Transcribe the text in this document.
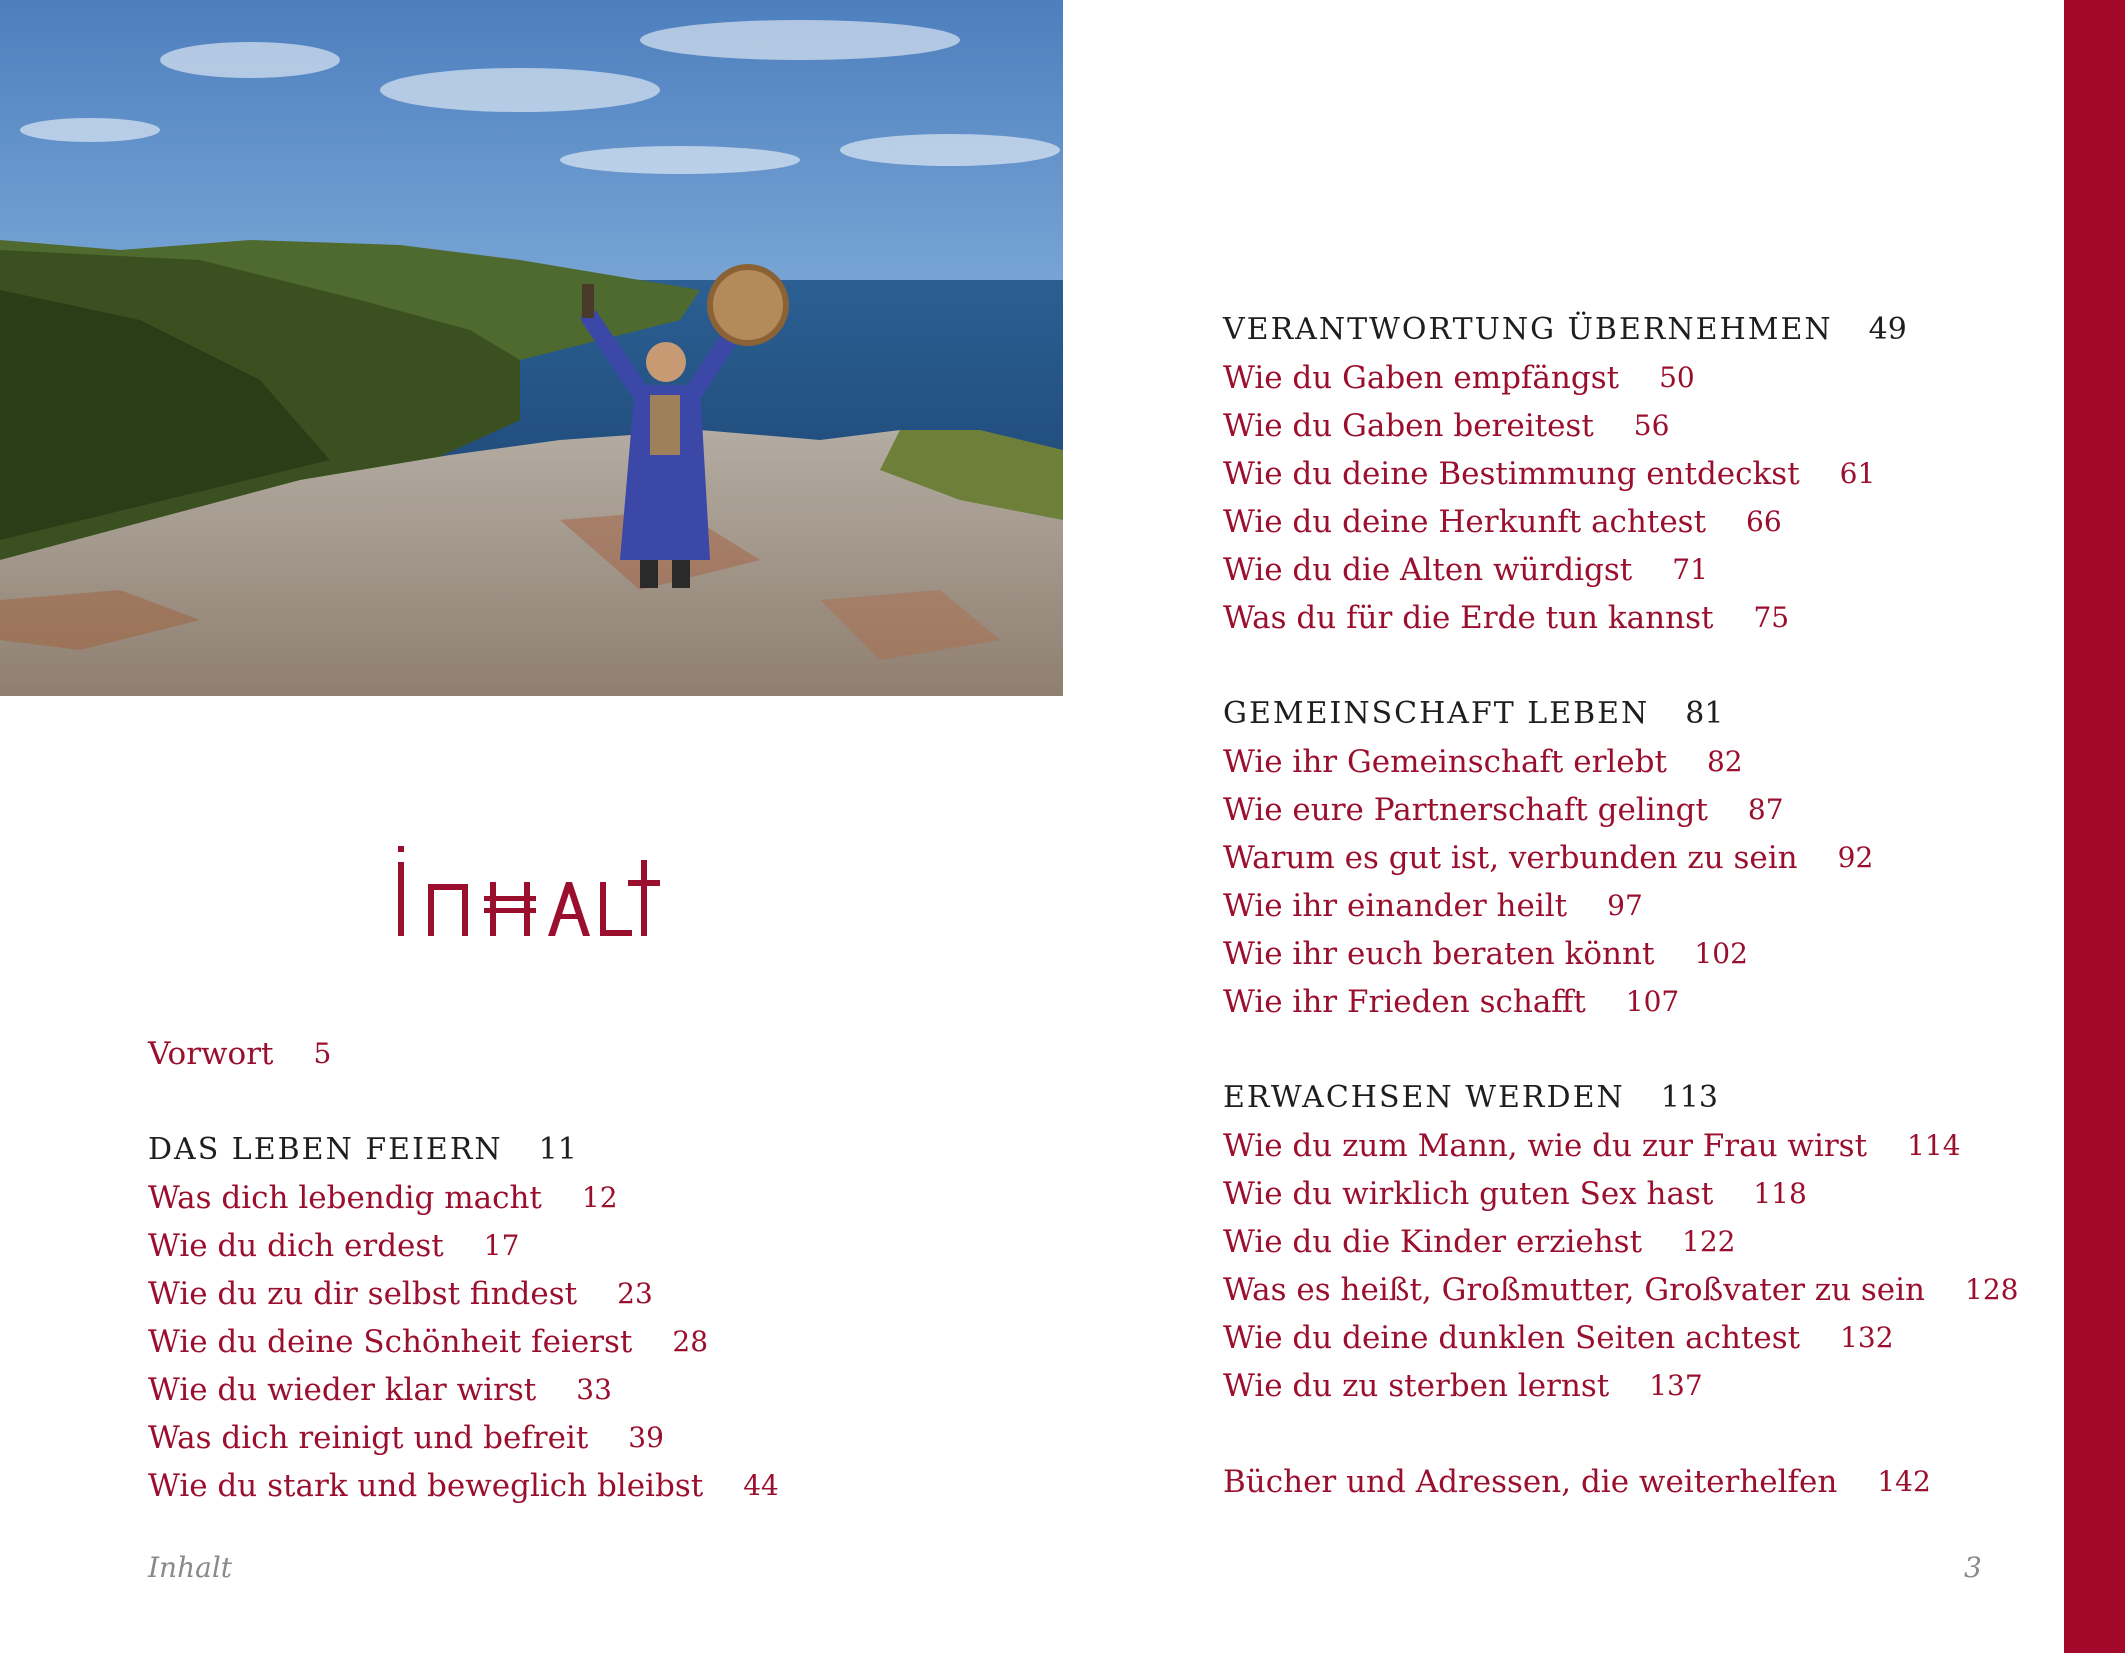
Vorwort 5
DAS LEBEN FEIERN 11
Was dich lebendig macht 12
Wie du dich erdest 17
Wie du zu dir selbst findest 23
Wie du deine Schönheit feierst 28
Wie du wieder klar wirst 33
Was dich reinigt und befreit 39
Wie du stark und beweglich bleibst 44
VERANTWORTUNG ÜBERNEHMEN 49
Wie du Gaben empfängst 50
Wie du Gaben bereitest 56
Wie du deine Bestimmung entdeckst 61
Wie du deine Herkunft achtest 66
Wie du die Alten würdigst 71
Was du für die Erde tun kannst 75
GEMEINSCHAFT LEBEN 81
Wie ihr Gemeinschaft erlebt 82
Wie eure Partnerschaft gelingt 87
Warum es gut ist, verbunden zu sein 92
Wie ihr einander heilt 97
Wie ihr euch beraten könnt 102
Wie ihr Frieden schafft 107
ERWACHSEN WERDEN 113
Wie du zum Mann, wie du zur Frau wirst 114
Wie du wirklich guten Sex hast 118
Wie du die Kinder erziehst 122
Was es heißt, Großmutter, Großvater zu sein 128
Wie du deine dunklen Seiten achtest 132
Wie du zu sterben lernst 137
Bücher und Adressen, die weiterhelfen 142
Inhalt	3
